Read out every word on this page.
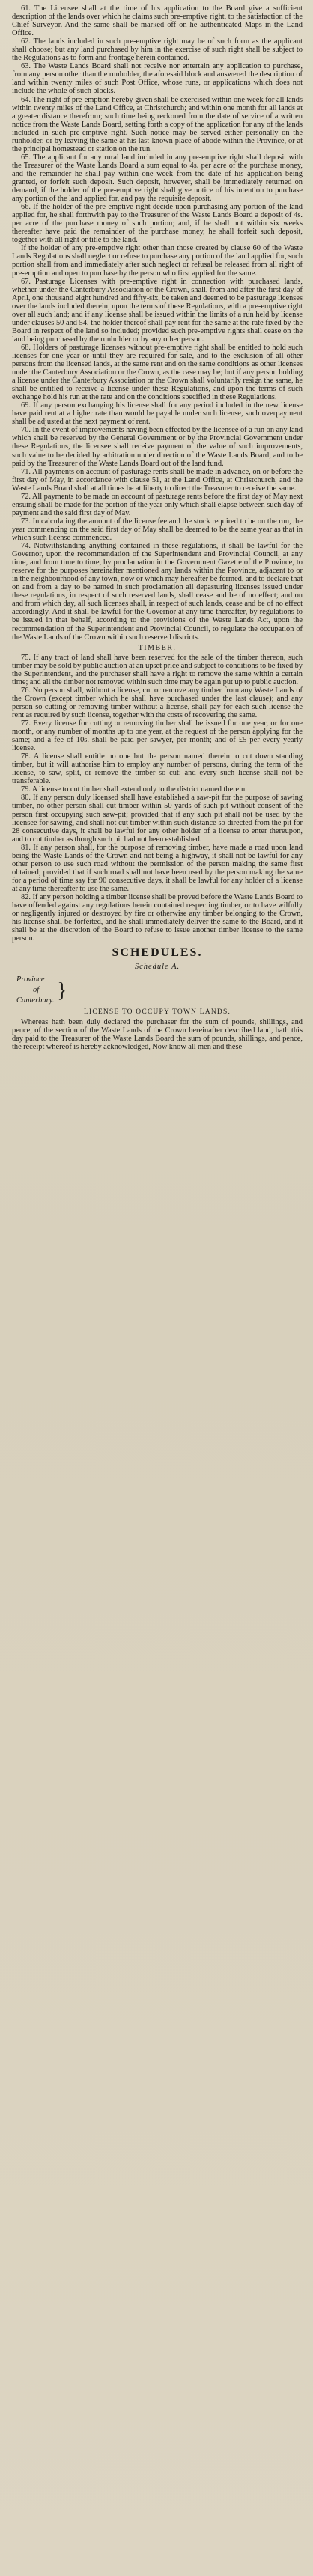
61. The Licensee shall at the time of his application to the Board give a sufficient description of the lands over which he claims such pre-emptive right, to the satisfaction of the Chief Surveyor. And the same shall be marked off on he authenticated Maps in the Land Office.

62. The lands included in such pre-emptive right may be of such form as the applicant shall choose; but any land purchased by him in the exercise of such right shall be subject to the Regulations as to form and frontage herein contained.

63. The Waste Lands Board shall not receive nor entertain any application to purchase, from any person other than the runholder, the aforesaid block and answered the description of land within twenty miles of such Post Office, whose runs, or applications which does not include the whole of such blocks.

64. The right of pre-emption hereby given shall be exercised within one week for all lands within twenty miles of the Land Office, at Christchurch; and within one month for all lands at a greater distance therefrom; such time being reckoned from the date of service of a written notice from the Waste Lands Board, setting forth a copy of the application for any of the lands included in such pre-emptive right. Such notice may be served either personally on the runholder, or by leaving the same at his last-known place of abode within the Province, or at the principal homestead or station on the run.

65. The applicant for any rural land included in any pre-emptive right shall deposit with the Treasurer of the Waste Lands Board a sum equal to 4s. per acre of the purchase money, and the remainder he shall pay within one week from the date of his application being granted, or forfeit such deposit. Such deposit, however, shall be immediately returned on demand, if the holder of the pre-emptive right shall give notice of his intention to purchase any portion of the land applied for, and pay the requisite deposit.

66. If the holder of the pre-emptive right decide upon purchasing any portion of the land applied for, he shall forthwith pay to the Treasurer of the Waste Lands Board a deposit of 4s. per acre of the purchase money of such portion; and, if he shall not within six weeks thereafter have paid the remainder of the purchase money, he shall forfeit such deposit, together with all right or title to the land.

If the holder of any pre-emptive right other than those created by clause 60 of the Waste Lands Regulations shall neglect or refuse to purchase any portion of the land applied for, such portion shall from and immediately after such neglect or refusal be released from all right of pre-emption and open to purchase by the person who first applied for the same.

67. Pasturage Licenses with pre-emptive right in connection with purchased lands, whether under the Canterbury Association or the Crown, shall, from and after the first day of April, one thousand eight hundred and fifty-six, be taken and deemed to be pasturage licenses over the lands included therein, upon the terms of these Regulations, with a pre-emptive right over all such land; and if any license shall be issued within the limits of a run held by license under clauses 50 and 54, the holder thereof shall pay rent for the same at the rate fixed by the Board in respect of the land so included; provided such pre-emptive rights shall cease on the land being purchased by the runholder or by any other person.

68. Holders of pasturage licenses without pre-emptive right shall be entitled to hold such licenses for one year or until they are required for sale, and to the exclusion of all other persons from the licensed lands, at the same rent and on the same conditions as other licenses under the Canterbury Association or the Crown, as the case may be; but if any person holding a license under the Canterbury Association or the Crown shall voluntarily resign the same, he shall be entitled to receive a license under these Regulations, and upon the terms of such exchange hold his run at the rate and on the conditions specified in these Regulations.

69. If any person exchanging his license shall for any period included in the new license have paid rent at a higher rate than would be payable under such license, such overpayment shall be adjusted at the next payment of rent.

70. In the event of improvements having been effected by the licensee of a run on any land which shall be reserved by the General Government or by the Provincial Government under these Regulations, the licensee shall receive payment of the value of such improvements, such value to be decided by arbitration under direction of the Waste Lands Board, and to be paid by the Treasurer of the Waste Lands Board out of the land fund.

71. All payments on account of pasturage rents shall be made in advance, on or before the first day of May, in accordance with clause 51, at the Land Office, at Christchurch, and the Waste Lands Board shall at all times be at liberty to direct the Treasurer to receive the same.

72. All payments to be made on account of pasturage rents before the first day of May next ensuing shall be made for the portion of the year only which shall elapse between such day of payment and the said first day of May.

73. In calculating the amount of the license fee and the stock required to be on the run, the year commencing on the said first day of May shall be deemed to be the same year as that in which such license commenced.

74. Notwithstanding anything contained in these regulations, it shall be lawful for the Governor, upon the recommendation of the Superintendent and Provincial Council, at any time, and from time to time, by proclamation in the Government Gazette of the Province, to reserve for the purposes hereinafter mentioned any lands within the Province, adjacent to or in the neighbourhood of any town, now or which may hereafter be formed, and to declare that on and from a day to be named in such proclamation all depasturing licenses issued under these regulations, in respect of such reserved lands, shall cease and be of no effect; and on and from which day, all such licenses shall, in respect of such lands, cease and be of no effect accordingly. And it shall be lawful for the Governor at any time thereafter, by regulations to be issued in that behalf, according to the provisions of the Waste Lands Act, upon the recommendation of the Superintendent and Provincial Council, to regulate the occupation of the Waste Lands of the Crown within such reserved districts.

TIMBER.

75. If any tract of land shall have been reserved for the sale of the timber thereon, such timber may be sold by public auction at an upset price and subject to conditions to be fixed by the Superintendent, and the purchaser shall have a right to remove the same within a certain time; and all the timber not removed within such time may be again put up to public auction.

76. No person shall, without a license, cut or remove any timber from any Waste Lands of the Crown (except timber which he shall have purchased under the last clause); and any person so cutting or removing timber without a license, shall pay for each such license the rent as required by such license, together with the costs of recovering the same.

77. Every license for cutting or removing timber shall be issued for one year, or for one month, or any number of months up to one year, at the request of the person applying for the same; and a fee of 10s. shall be paid per sawyer, per month; and of £5 per every yearly license.

78. A license shall entitle no one but the person named therein to cut down standing timber, but it will authorise him to employ any number of persons, during the term of the license, to saw, split, or remove the timber so cut; and every such license shall not be transferable.

79. A license to cut timber shall extend only to the district named therein.

80. If any person duly licensed shall have established a saw-pit for the purpose of sawing timber, no other person shall cut timber within 50 yards of such pit without consent of the person first occupying such saw-pit; provided that if any such pit shall not be used by the licensee for sawing, and shall not cut timber within such distance so directed from the pit for 28 consecutive days, it shall be lawful for any other holder of a license to enter thereupon, and to cut timber as though such pit had not been established.

81. If any person shall, for the purpose of removing timber, have made a road upon land being the Waste Lands of the Crown and not being a highway, it shall not be lawful for any other person to use such road without the permission of the person making the same first obtained; provided that if such road shall not have been used by the person making the same for a period of time say for 90 consecutive days, it shall be lawful for any holder of a license at any time thereafter to use the same.

82. If any person holding a timber license shall be proved before the Waste Lands Board to have offended against any regulations herein contained respecting timber, or to have wilfully or negligently injured or destroyed by fire or otherwise any timber belonging to the Crown, his license shall be forfeited, and he shall immediately deliver the same to the Board, and it shall be at the discretion of the Board to refuse to issue another timber license to the same person.

SCHEDULES.
Schedule A.
Province
of
Canterbury. }
LICENSE TO OCCUPY TOWN LANDS.

Whereas hath been duly declared the purchaser for the sum of pounds, shillings, and pence, of the section of the Waste Lands of the Crown hereinafter described land, bath this day paid to the Treasurer of the Waste Lands Board the sum of pounds, shillings, and pence, the receipt whereof is hereby acknowledged, Now know all men and these
